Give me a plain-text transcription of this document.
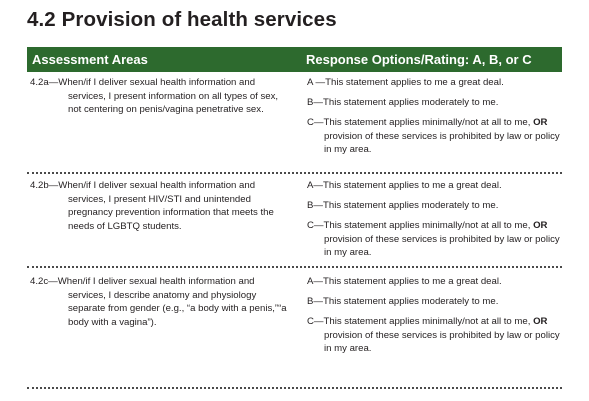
4.2 Provision of health services
Assessment Areas	Response Options/Rating: A, B, or C
4.2a—When/if I deliver sexual health information and services, I present information on all types of sex, not centering on penis/vagina penetrative sex.
A —This statement applies to me a great deal.
B—This statement applies moderately to me.
C—This statement applies minimally/not at all to me, OR provision of these services is prohibited by law or policy in my area.
4.2b—When/if I deliver sexual health information and services, I present HIV/STI and unintended pregnancy prevention information that meets the needs of LGBTQ students.
A—This statement applies to me a great deal.
B—This statement applies moderately to me.
C—This statement applies minimally/not at all to me, OR provision of these services is prohibited by law or policy in my area.
4.2c—When/if I deliver sexual health information and services, I describe anatomy and physiology separate from gender (e.g., “a body with a penis,”“a body with a vagina”).
A—This statement applies to me a great deal.
B—This statement applies moderately to me.
C—This statement applies minimally/not at all to me, OR provision of these services is prohibited by law or policy in my area.
